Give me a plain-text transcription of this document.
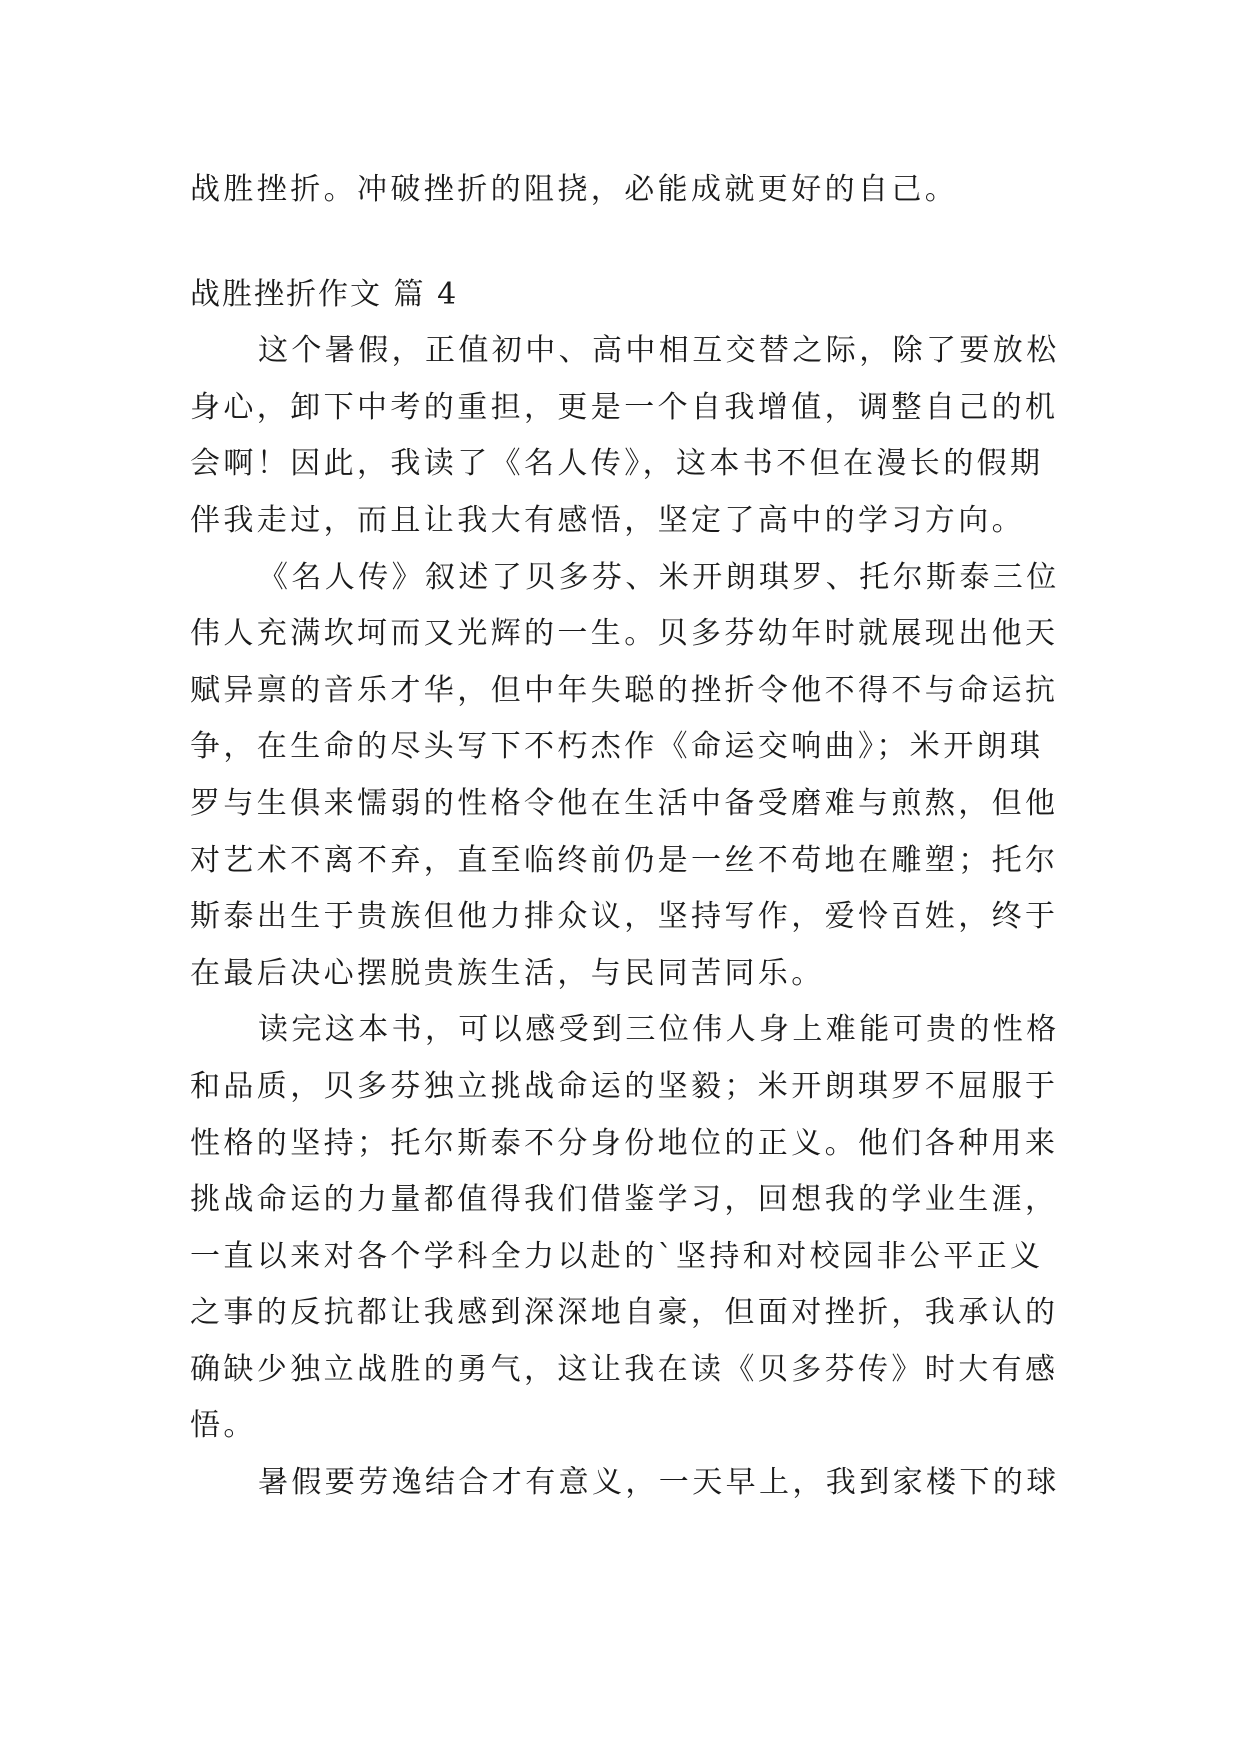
战胜挫折。冲破挫折的阻挠，必能成就更好的自己。
战胜挫折作文 篇 4
这个暑假，正值初中、高中相互交替之际，除了要放松
身心，卸下中考的重担，更是一个自我增值，调整自己的机
会啊！因此，我读了《名人传》，这本书不但在漫长的假期
伴我走过，而且让我大有感悟，坚定了高中的学习方向。
《名人传》叙述了贝多芬、米开朗琪罗、托尔斯泰三位
伟人充满坎坷而又光辉的一生。贝多芬幼年时就展现出他天
赋异禀的音乐才华，但中年失聪的挫折令他不得不与命运抗
争，在生命的尽头写下不朽杰作《命运交响曲》；米开朗琪
罗与生俱来懦弱的性格令他在生活中备受磨难与煎熬，但他
对艺术不离不弃，直至临终前仍是一丝不苟地在雕塑；托尔
斯泰出生于贵族但他力排众议，坚持写作，爱怜百姓，终于
在最后决心摆脱贵族生活，与民同苦同乐。
读完这本书，可以感受到三位伟人身上难能可贵的性格
和品质，贝多芬独立挑战命运的坚毅；米开朗琪罗不屈服于
性格的坚持；托尔斯泰不分身份地位的正义。他们各种用来
挑战命运的力量都值得我们借鉴学习，回想我的学业生涯，
一直以来对各个学科全力以赴的`坚持和对校园非公平正义
之事的反抗都让我感到深深地自豪，但面对挫折，我承认的
确缺少独立战胜的勇气，这让我在读《贝多芬传》时大有感
悟。
暑假要劳逸结合才有意义，一天早上，我到家楼下的球
